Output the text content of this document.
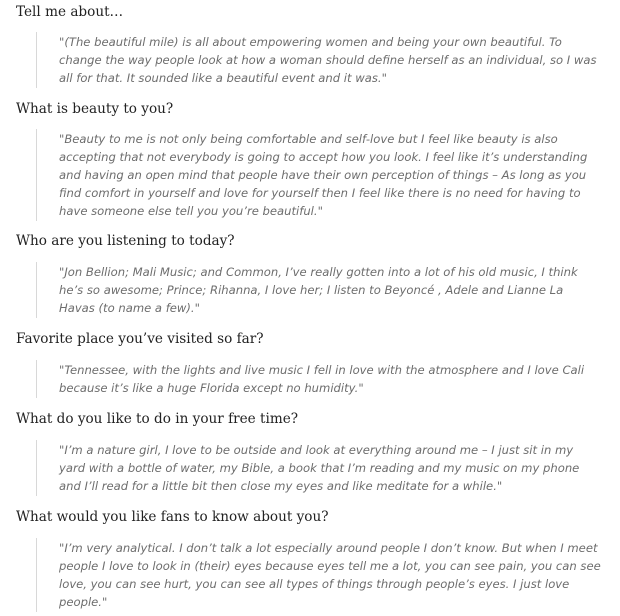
Tell me about…
"(The beautiful mile) is all about empowering women and being your own beautiful. To
change the way people look at how a woman should define herself as an individual, so I was
all for that. It sounded like a beautiful event and it was."
What is beauty to you?
"Beauty to me is not only being comfortable and self-love but I feel like beauty is also
accepting that not everybody is going to accept how you look. I feel like it’s understanding
and having an open mind that people have their own perception of things – As long as you
find comfort in yourself and love for yourself then I feel like there is no need for having to
have someone else tell you you’re beautiful."
Who are you listening to today?
"Jon Bellion; Mali Music; and Common, I’ve really gotten into a lot of his old music, I think
he’s so awesome; Prince; Rihanna, I love her; I listen to Beyoncé , Adele and Lianne La
Havas (to name a few)."
Favorite place you’ve visited so far?
"Tennessee, with the lights and live music I fell in love with the atmosphere and I love Cali
because it’s like a huge Florida except no humidity."
What do you like to do in your free time?
"I’m a nature girl, I love to be outside and look at everything around me – I just sit in my
yard with a bottle of water, my Bible, a book that I’m reading and my music on my phone
and I’ll read for a little bit then close my eyes and like meditate for a while."
What would you like fans to know about you?
"I’m very analytical. I don’t talk a lot especially around people I don’t know. But when I meet
people I love to look in (their) eyes because eyes tell me a lot, you can see pain, you can see
love, you can see hurt, you can see all types of things through people’s eyes. I just love
people."
